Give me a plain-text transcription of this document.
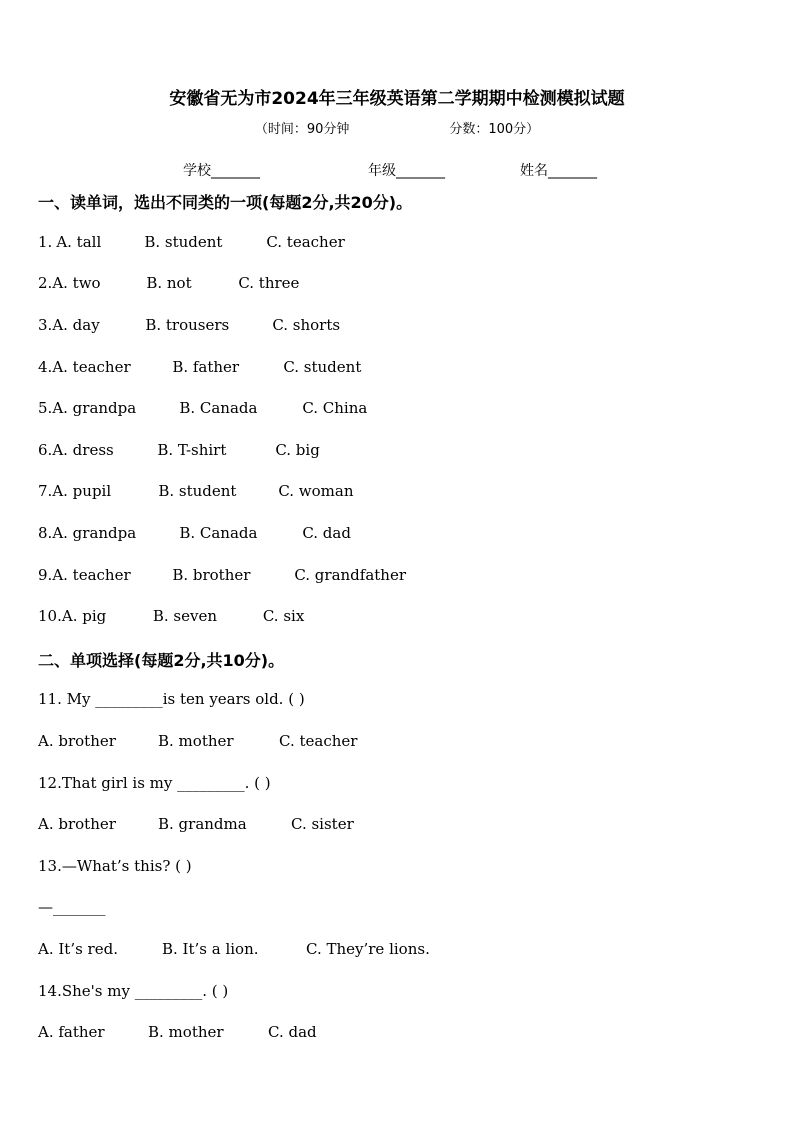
安徽省无为市2024年三年级英语第二学期期中检测模拟试题
（时间：90分钟	分数：100分）
学校_______	年级_______	姓名_______
一、读单词，选出不同类的一项(每题2分,共20分)。
1. A. tall	B. student	C. teacher
2.A. two	B. not	C. three
3.A. day	B. trousers	C. shorts
4.A. teacher	B. father	C. student
5.A. grandpa	B. Canada	C. China
6.A. dress	B. T-shirt	C. big
7.A. pupil	B. student	C. woman
8.A. grandpa	B. Canada	C. dad
9.A. teacher	B. brother	C. grandfather
10.A. pig	B. seven	C. six
二、单项选择(每题2分,共10分)。
11. My _________is ten years old. ( )
A. brother	B. mother	C. teacher
12.That girl is my _________. ( )
A. brother	B. grandma	C. sister
13.—What’s this? ( )
—_______
A. It’s red.	B. It’s a lion.	C. They’re lions.
14.She's my _________. ( )
A. father	B. mother	C. dad
